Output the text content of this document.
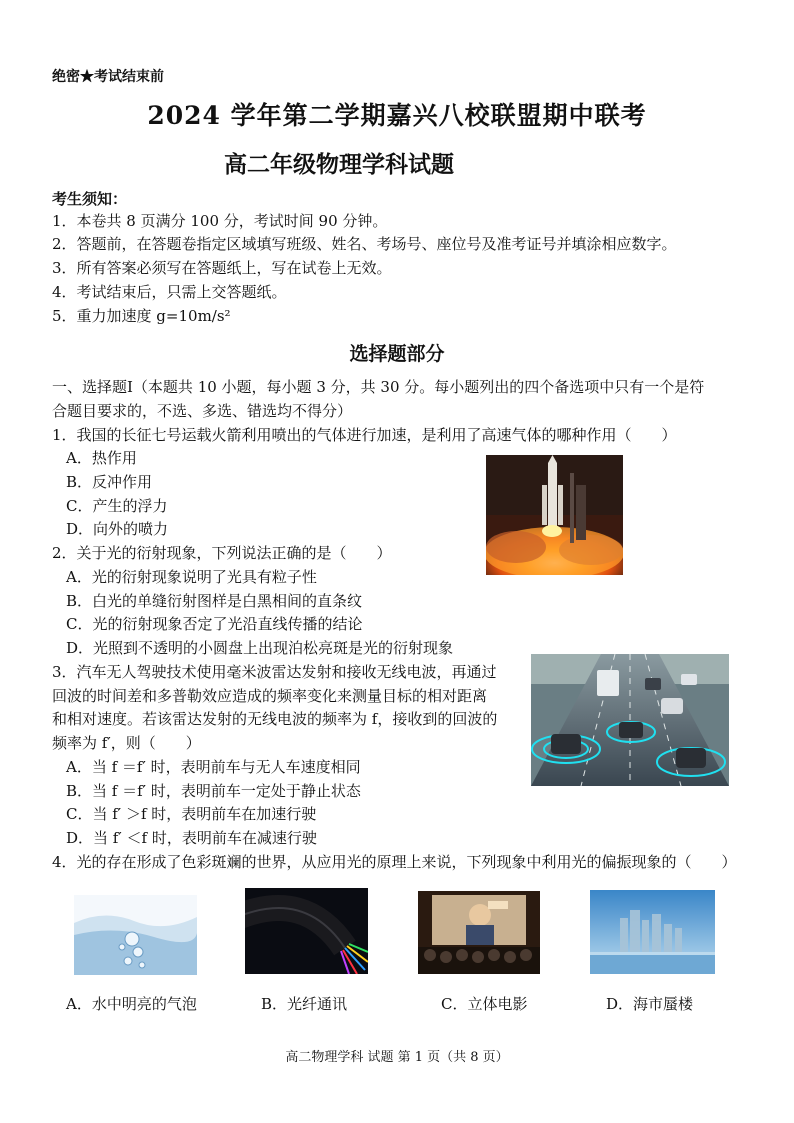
绝密★考试结束前
2024 学年第二学期嘉兴八校联盟期中联考
高二年级物理学科试题
考生须知：
1．本卷共 8 页满分 100 分，考试时间 90 分钟。
2．答题前，在答题卷指定区域填写班级、姓名、考场号、座位号及准考证号并填涂相应数字。
3．所有答案必须写在答题纸上，写在试卷上无效。
4．考试结束后，只需上交答题纸。
5．重力加速度 g=10m/s²
选择题部分
一、选择题Ⅰ（本题共 10 小题，每小题 3 分，共 30 分。每小题列出的四个备选项中只有一个是符
合题目要求的，不选、多选、错选均不得分）
1．我国的长征七号运载火箭利用喷出的气体进行加速，是利用了高速气体的哪种作用（　　）
A．热作用
B．反冲作用
C．产生的浮力
D．向外的喷力
2．关于光的衍射现象，下列说法正确的是（　　）
A．光的衍射现象说明了光具有粒子性
B．白光的单缝衍射图样是白黑相间的直条纹
C．光的衍射现象否定了光沿直线传播的结论
D．光照到不透明的小圆盘上出现泊松亮斑是光的衍射现象
3．汽车无人驾驶技术使用毫米波雷达发射和接收无线电波，再通过
回波的时间差和多普勒效应造成的频率变化来测量目标的相对距离
和相对速度。若该雷达发射的无线电波的频率为 f，接收到的回波的
频率为 f′，则（　　）
A．当 f ＝f′ 时，表明前车与无人车速度相同
B．当 f ＝f′ 时，表明前车一定处于静止状态
C．当 f′ ＞f 时，表明前车在加速行驶
D．当 f′ ＜f 时，表明前车在减速行驶
4．光的存在形成了色彩斑斓的世界，从应用光的原理上来说，下列现象中利用光的偏振现象的（　　）
A．水中明亮的气泡	B．光纤通讯	C．立体电影	D．海市蜃楼
高二物理学科 试题 第 1 页（共 8 页）
